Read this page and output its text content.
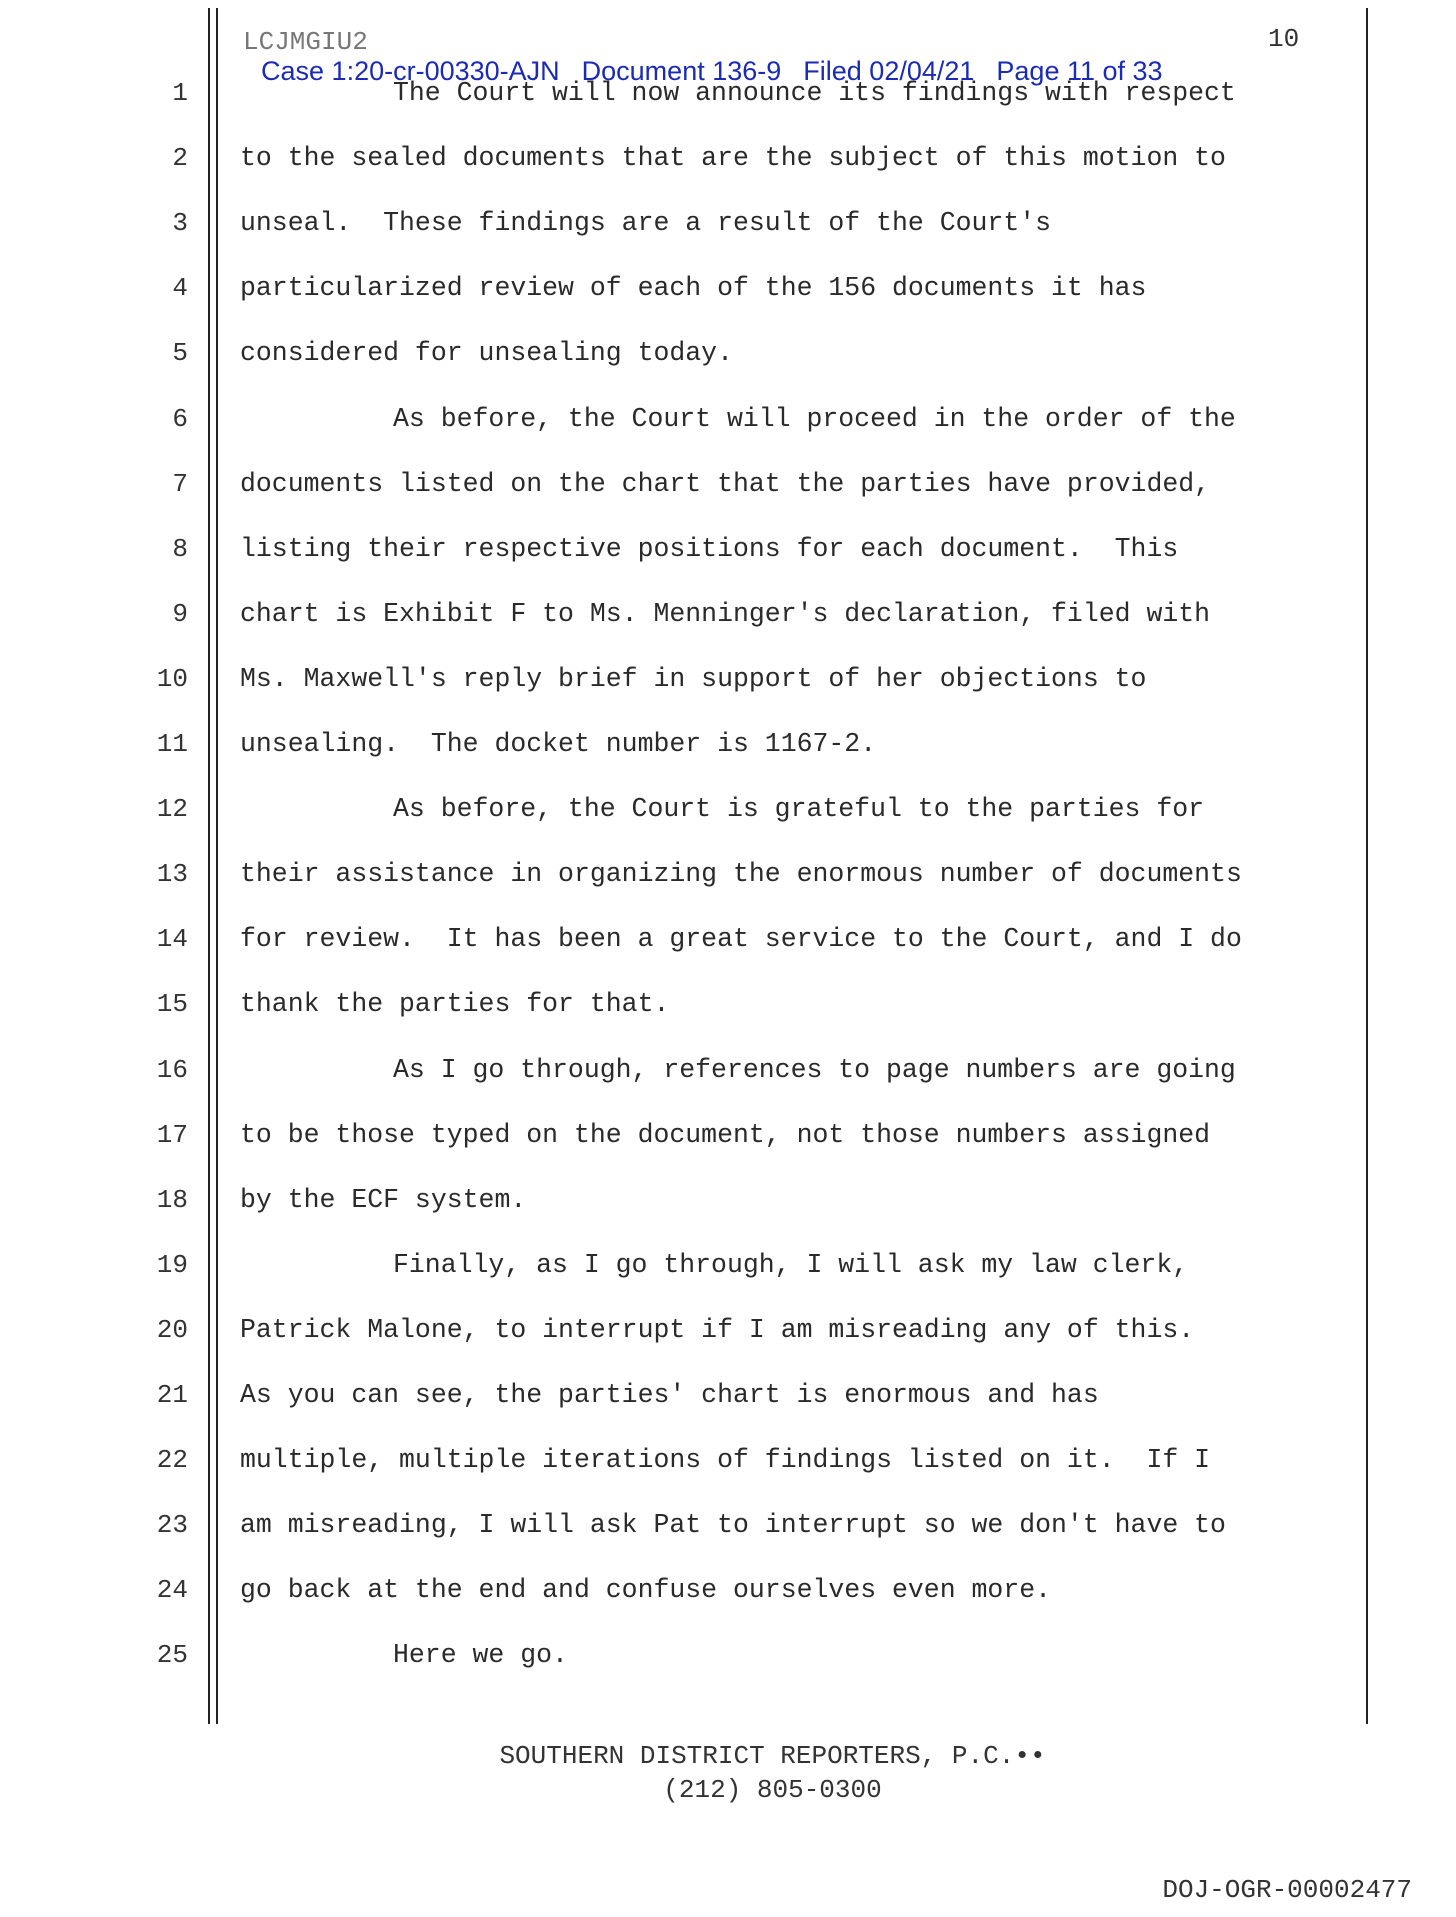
LCJMGIU2

Case 1:20-cr-00330-AJN Document 136-9 Filed 02/04/21 Page 11 of 33

10
1	The Court will now announce its findings with respect
2 to the sealed documents that are the subject of this motion to
3 unseal.  These findings are a result of the Court's
4 particularized review of each of the 156 documents it has
5 considered for unsealing today.
6	As before, the Court will proceed in the order of the
7 documents listed on the chart that the parties have provided,
8 listing their respective positions for each document.  This
9 chart is Exhibit F to Ms. Menninger's declaration, filed with
10 Ms. Maxwell's reply brief in support of her objections to
11 unsealing.  The docket number is 1167-2.
12	As before, the Court is grateful to the parties for
13 their assistance in organizing the enormous number of documents
14 for review.  It has been a great service to the Court, and I do
15 thank the parties for that.
16	As I go through, references to page numbers are going
17 to be those typed on the document, not those numbers assigned
18 by the ECF system.
19	Finally, as I go through, I will ask my law clerk,
20 Patrick Malone, to interrupt if I am misreading any of this.
21 As you can see, the parties' chart is enormous and has
22 multiple, multiple iterations of findings listed on it.  If I
23 am misreading, I will ask Pat to interrupt so we don't have to
24 go back at the end and confuse ourselves even more.
25	Here we go.
SOUTHERN DISTRICT REPORTERS, P.C.••
(212) 805-0300
DOJ-OGR-00002477
